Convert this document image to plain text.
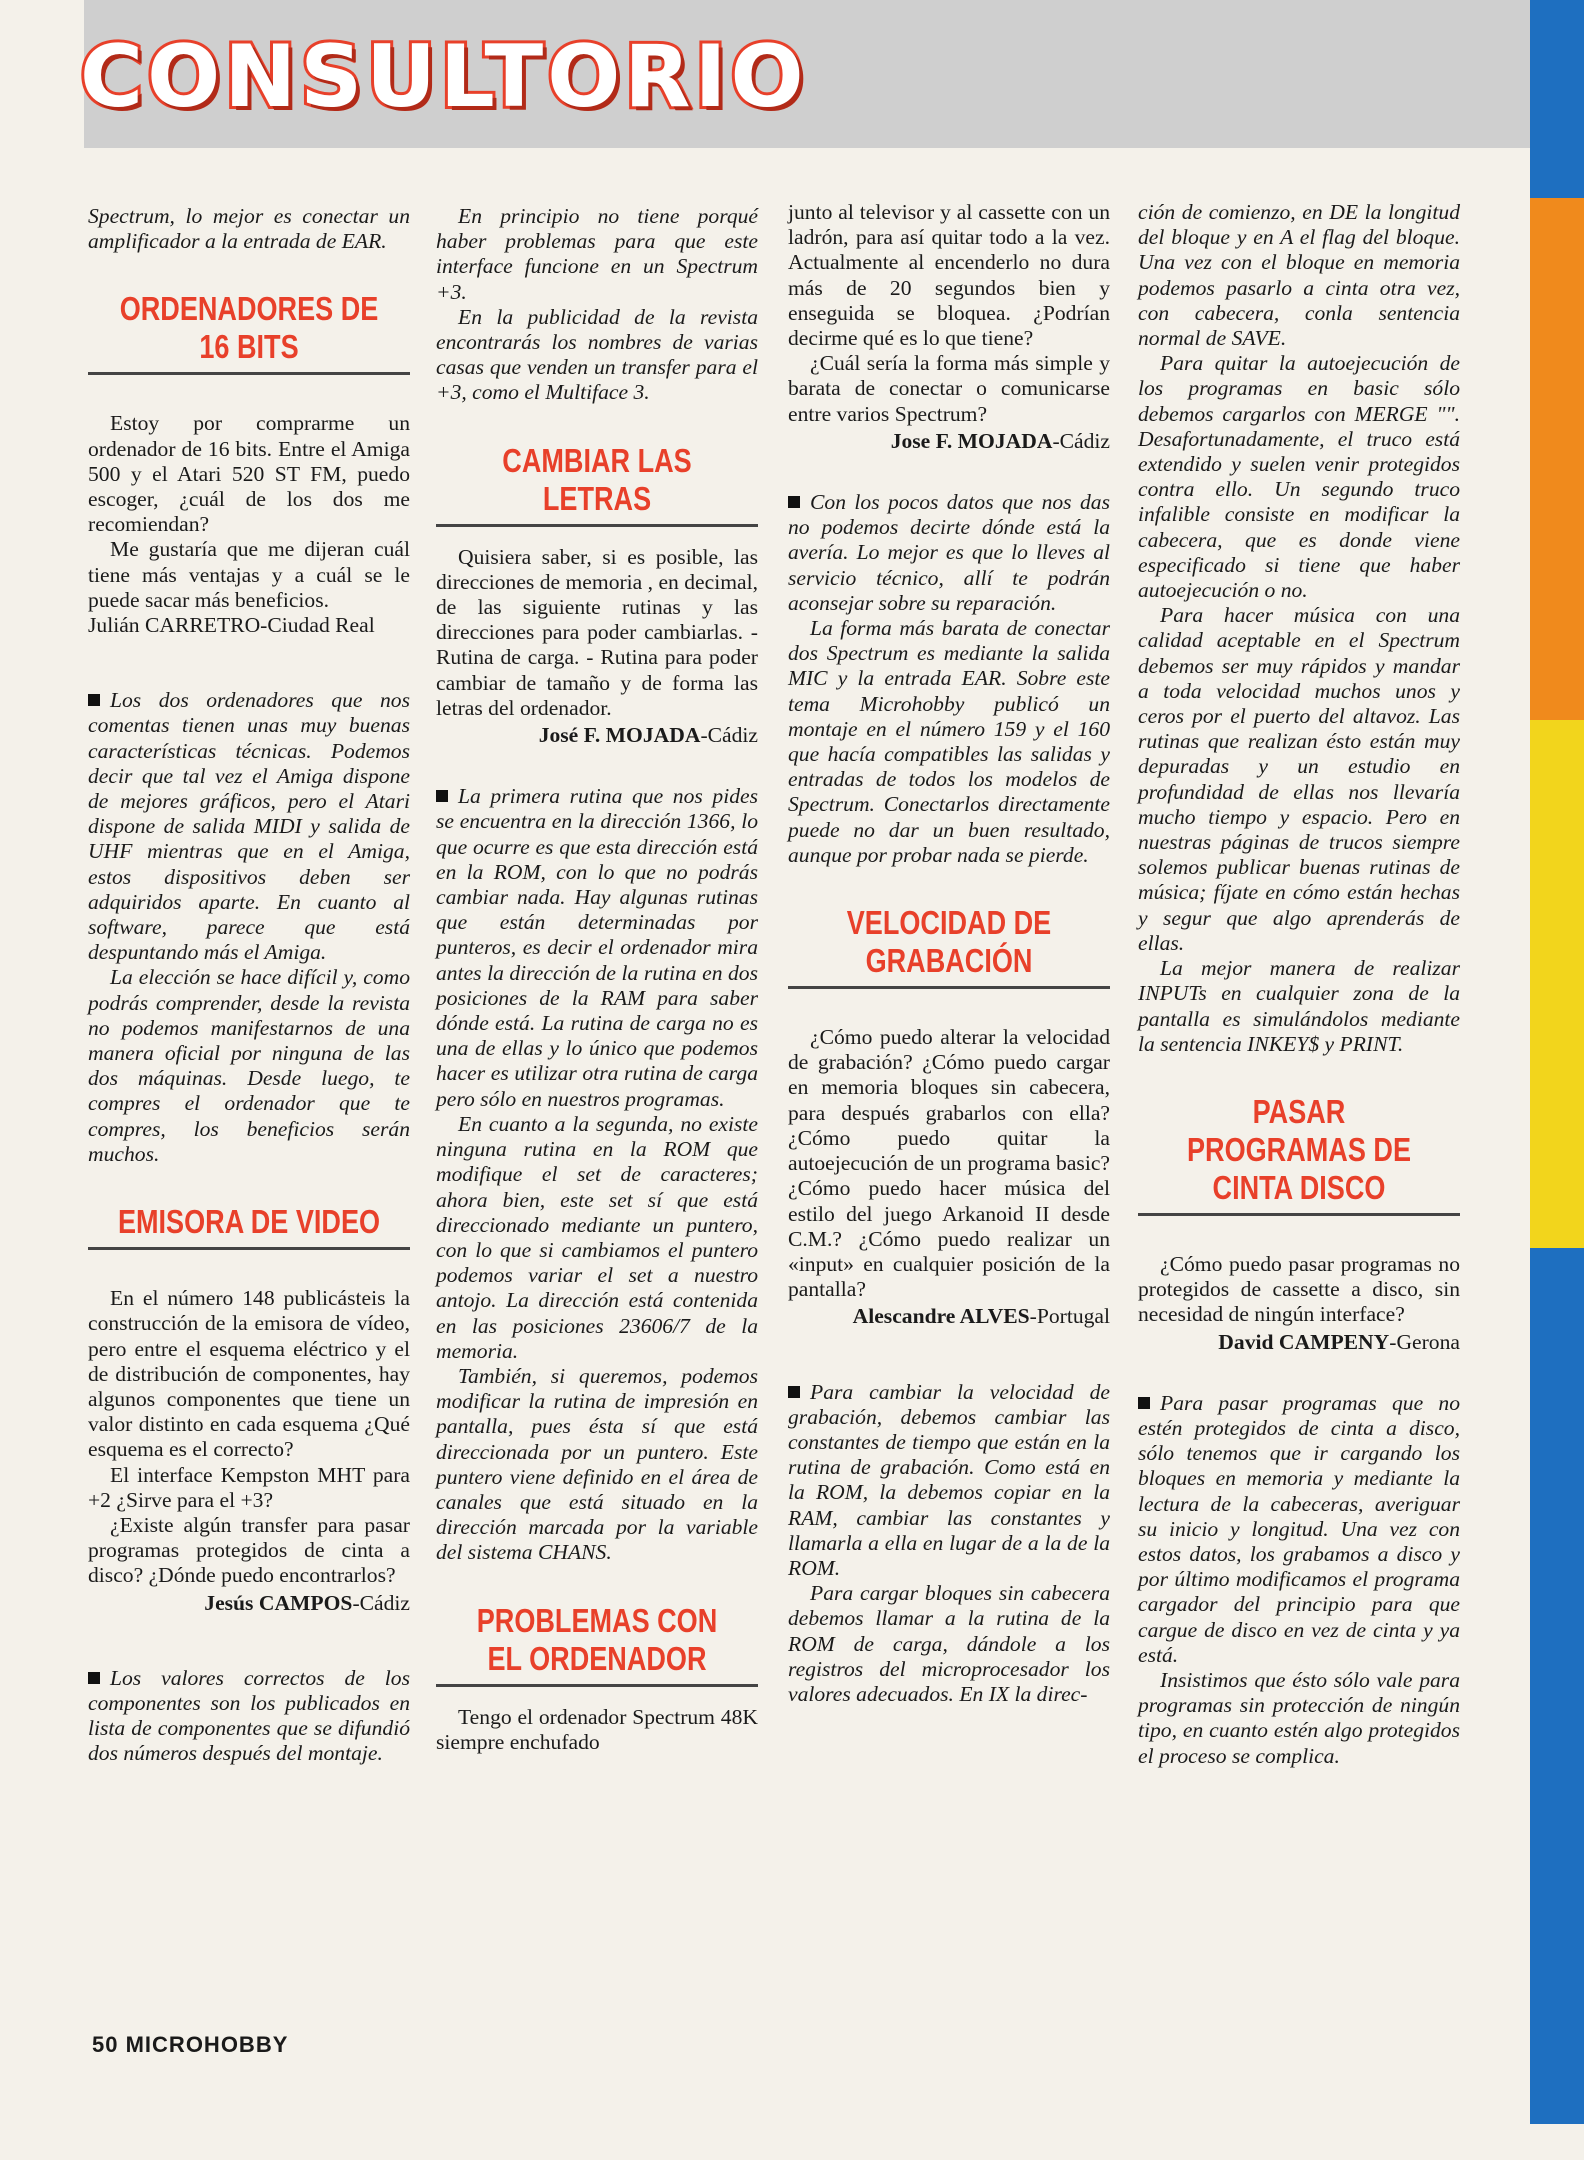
CONSULTORIO

Spectrum, lo mejor es conectar un amplificador a la entrada de EAR.

ORDENADORES DE 16 BITS

Estoy por comprarme un ordenador de 16 bits. Entre el Amiga 500 y el Atari 520 ST FM, puedo escoger, ¿cuál de los dos me recomiendan?

Me gustaría que me dijeran cuál tiene más ventajas y a cuál se le puede sacar más beneficios.

Julián CARRETRO-Ciudad Real

Los dos ordenadores que nos comentas tienen unas muy buenas características técnicas. Podemos decir que tal vez el Amiga dispone de mejores gráficos, pero el Atari dispone de salida MIDI y salida de UHF mientras que en el Amiga, estos dispositivos deben ser adquiridos aparte. En cuanto al software, parece que está despuntando más el Amiga.

La elección se hace difícil y, como podrás comprender, desde la revista no podemos manifestarnos de una manera oficial por ninguna de las dos máquinas. Desde luego, te compres el ordenador que te compres, los beneficios serán muchos.

EMISORA DE VIDEO

En el número 148 publicásteis la construcción de la emisora de vídeo, pero entre el esquema eléctrico y el de distribución de componentes, hay algunos componentes que tiene un valor distinto en cada esquema ¿Qué esquema es el correcto?

El interface Kempston MHT para +2 ¿Sirve para el +3?

¿Existe algún transfer para pasar programas protegidos de cinta a disco? ¿Dónde puedo encontrarlos?

Jesús CAMPOS-Cádiz

Los valores correctos de los componentes son los publicados en lista de componentes que se difundió dos números después del montaje.

En principio no tiene porqué haber problemas para que este interface funcione en un Spectrum +3.

En la publicidad de la revista encontrarás los nombres de varias casas que venden un transfer para el +3, como el Multiface 3.

CAMBIAR LAS LETRAS

Quisiera saber, si es posible, las direcciones de memoria , en decimal, de las siguiente rutinas y las direcciones para poder cambiarlas. - Rutina de carga. - Rutina para poder cambiar de tamaño y de forma las letras del ordenador.

José F. MOJADA-Cádiz

La primera rutina que nos pides se encuentra en la dirección 1366, lo que ocurre es que esta dirección está en la ROM, con lo que no podrás cambiar nada. Hay algunas rutinas que están determinadas por punteros, es decir el ordenador mira antes la dirección de la rutina en dos posiciones de la RAM para saber dónde está. La rutina de carga no es una de ellas y lo único que podemos hacer es utilizar otra rutina de carga pero sólo en nuestros programas.

En cuanto a la segunda, no existe ninguna rutina en la ROM que modifique el set de caracteres; ahora bien, este set sí que está direccionado mediante un puntero, con lo que si cambiamos el puntero podemos variar el set a nuestro antojo. La dirección está contenida en las posiciones 23606/7 de la memoria.

También, si queremos, podemos modificar la rutina de impresión en pantalla, pues ésta sí que está direccionada por un puntero. Este puntero viene definido en el área de canales que está situado en la dirección marcada por la variable del sistema CHANS.

PROBLEMAS CON EL ORDENADOR

Tengo el ordenador Spectrum 48K siempre enchufado

junto al televisor y al cassette con un ladrón, para así quitar todo a la vez. Actualmente al encenderlo no dura más de 20 segundos bien y enseguida se bloquea. ¿Podrían decirme qué es lo que tiene?

¿Cuál sería la forma más simple y barata de conectar o comunicarse entre varios Spectrum?

Jose F. MOJADA-Cádiz

Con los pocos datos que nos das no podemos decirte dónde está la avería. Lo mejor es que lo lleves al servicio técnico, allí te podrán aconsejar sobre su reparación.

La forma más barata de conectar dos Spectrum es mediante la salida MIC y la entrada EAR. Sobre este tema Microhobby publicó un montaje en el número 159 y el 160 que hacía compatibles las salidas y entradas de todos los modelos de Spectrum. Conectarlos directamente puede no dar un buen resultado, aunque por probar nada se pierde.

VELOCIDAD DE GRABACIÓN

¿Cómo puedo alterar la velocidad de grabación? ¿Cómo puedo cargar en memoria bloques sin cabecera, para después grabarlos con ella? ¿Cómo puedo quitar la autoejecución de un programa basic? ¿Cómo puedo hacer música del estilo del juego Arkanoid II desde C.M.? ¿Cómo puedo realizar un «input» en cualquier posición de la pantalla?

Alescandre ALVES-Portugal

Para cambiar la velocidad de grabación, debemos cambiar las constantes de tiempo que están en la rutina de grabación. Como está en la ROM, la debemos copiar en la RAM, cambiar las constantes y llamarla a ella en lugar de a la de la ROM.

Para cargar bloques sin cabecera debemos llamar a la rutina de la ROM de carga, dándole a los registros del microprocesador los valores adecuados. En IX la direc-

ción de comienzo, en DE la longitud del bloque y en A el flag del bloque. Una vez con el bloque en memoria podemos pasarlo a cinta otra vez, con cabecera, conla sentencia normal de SAVE.

Para quitar la autoejecución de los programas en basic sólo debemos cargarlos con MERGE "". Desafortunadamente, el truco está extendido y suelen venir protegidos contra ello. Un segundo truco infalible consiste en modificar la cabecera, que es donde viene especificado si tiene que haber autoejecución o no.

Para hacer música con una calidad aceptable en el Spectrum debemos ser muy rápidos y mandar a toda velocidad muchos unos y ceros por el puerto del altavoz. Las rutinas que realizan ésto están muy depuradas y un estudio en profundidad de ellas nos llevaría mucho tiempo y espacio. Pero en nuestras páginas de trucos siempre solemos publicar buenas rutinas de música; fíjate en cómo están hechas y segur que algo aprenderás de ellas.

La mejor manera de realizar INPUTs en cualquier zona de la pantalla es simulándolos mediante la sentencia INKEY$ y PRINT.

PASAR PROGRAMAS DE CINTA DISCO

¿Cómo puedo pasar programas no protegidos de cassette a disco, sin necesidad de ningún interface?

David CAMPENY-Gerona

Para pasar programas que no estén protegidos de cinta a disco, sólo tenemos que ir cargando los bloques en memoria y mediante la lectura de la cabeceras, averiguar su inicio y longitud. Una vez con estos datos, los grabamos a disco y por último modificamos el programa cargador del principio para que cargue de disco en vez de cinta y ya está.

Insistimos que ésto sólo vale para programas sin protección de ningún tipo, en cuanto estén algo protegidos el proceso se complica.

50 MICROHOBBY
